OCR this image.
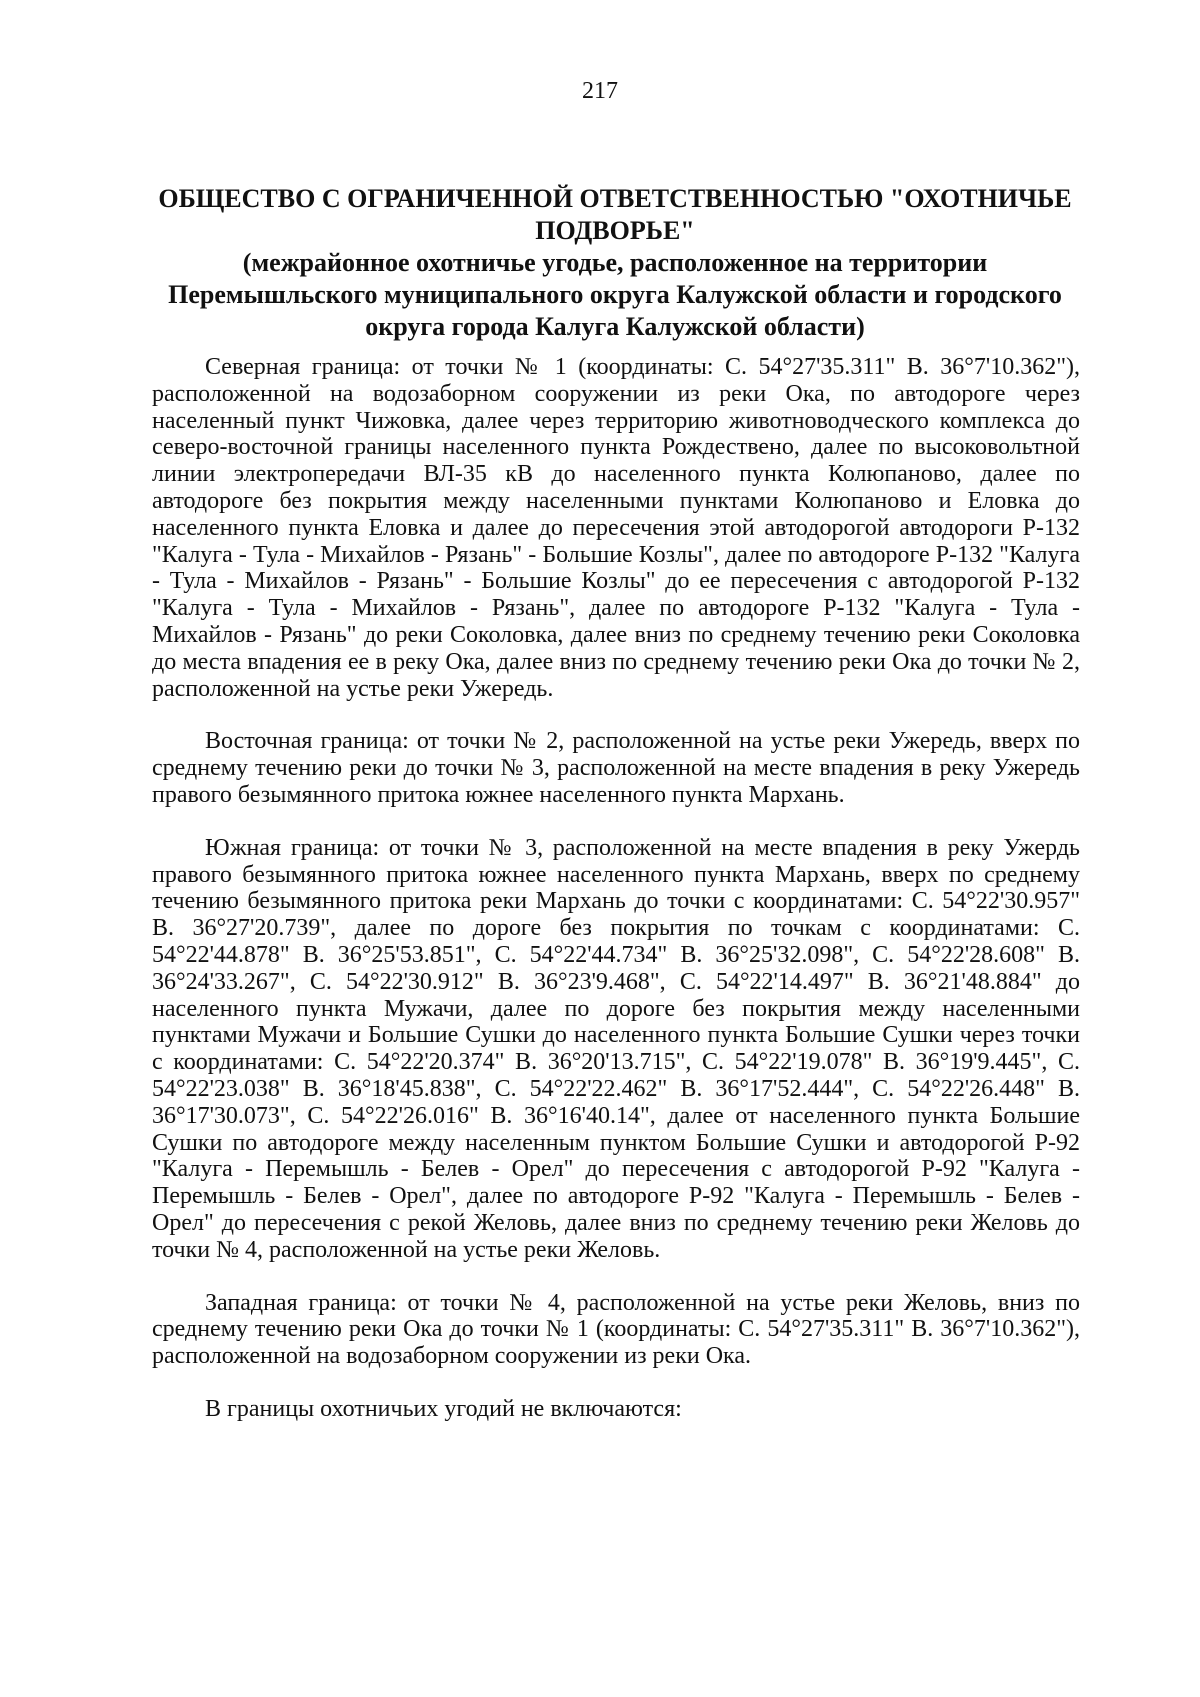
217
ОБЩЕСТВО С ОГРАНИЧЕННОЙ ОТВЕТСТВЕННОСТЬЮ "ОХОТНИЧЬЕ ПОДВОРЬЕ"
(межрайонное охотничье угодье, расположенное на территории Перемышльского муниципального округа Калужской области и городского округа города Калуга Калужской области)

Северная граница: от точки № 1 (координаты: С. 54°27'35.311" В. 36°7'10.362"), расположенной на водозаборном сооружении из реки Ока, по автодороге через населенный пункт Чижовка, далее через территорию животноводческого комплекса до северо-восточной границы населенного пункта Рождествено, далее по высоковольтной линии электропередачи ВЛ-35 кВ до населенного пункта Колюпаново, далее по автодороге без покрытия между населенными пунктами Колюпаново и Еловка до населенного пункта Еловка и далее до пересечения этой автодорогой автодороги Р-132 "Калуга - Тула - Михайлов - Рязань" - Большие Козлы", далее по автодороге Р-132 "Калуга - Тула - Михайлов - Рязань" - Большие Козлы" до ее пересечения с автодорогой Р-132 "Калуга - Тула - Михайлов - Рязань", далее по автодороге Р-132 "Калуга - Тула - Михайлов - Рязань" до реки Соколовка, далее вниз по среднему течению реки Соколовка до места впадения ее в реку Ока, далее вниз по среднему течению реки Ока до точки № 2, расположенной на устье реки Ужередь.

Восточная граница: от точки № 2, расположенной на устье реки Ужередь, вверх по среднему течению реки до точки № 3, расположенной на месте впадения в реку Ужередь правого безымянного притока южнее населенного пункта Мархань.

Южная граница: от точки № 3, расположенной на месте впадения в реку Ужердь правого безымянного притока южнее населенного пункта Мархань, вверх по среднему течению безымянного притока реки Мархань до точки с координатами: С. 54°22'30.957" В. 36°27'20.739", далее по дороге без покрытия по точкам с координатами: С. 54°22'44.878" В. 36°25'53.851", С. 54°22'44.734" В. 36°25'32.098", С. 54°22'28.608" В. 36°24'33.267", С. 54°22'30.912" В. 36°23'9.468", С. 54°22'14.497" В. 36°21'48.884" до населенного пункта Мужачи, далее по дороге без покрытия между населенными пунктами Мужачи и Большие Сушки до населенного пункта Большие Сушки через точки с координатами: С. 54°22'20.374" В. 36°20'13.715", С. 54°22'19.078" В. 36°19'9.445", С. 54°22'23.038" В. 36°18'45.838", С. 54°22'22.462" В. 36°17'52.444", С. 54°22'26.448" В. 36°17'30.073", С. 54°22'26.016" В. 36°16'40.14", далее от населенного пункта Большие Сушки по автодороге между населенным пунктом Большие Сушки и автодорогой Р-92 "Калуга - Перемышль - Белев - Орел" до пересечения с автодорогой Р-92 "Калуга - Перемышль - Белев - Орел", далее по автодороге Р-92 "Калуга - Перемышль - Белев - Орел" до пересечения с рекой Желовь, далее вниз по среднему течению реки Желовь до точки № 4, расположенной на устье реки Желовь.

Западная граница: от точки № 4, расположенной на устье реки Желовь, вниз по среднему течению реки Ока до точки № 1 (координаты: С. 54°27'35.311" В. 36°7'10.362"), расположенной на водозаборном сооружении из реки Ока.

В границы охотничьих угодий не включаются:
